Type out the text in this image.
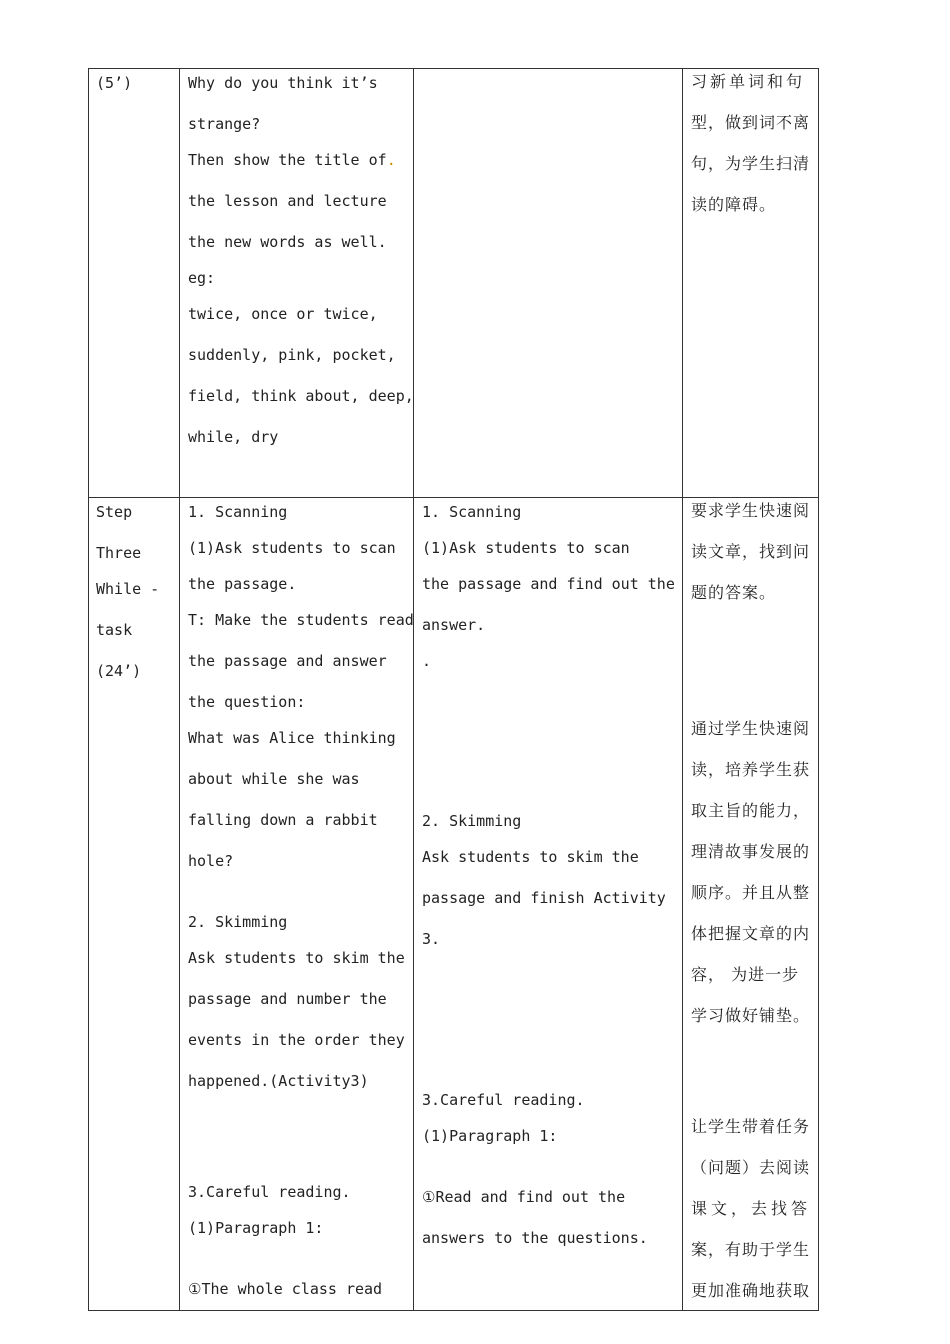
(5’)	Why do you think it’s
strange?
Then show the title of.
the lesson and lecture
the new words as well.
eg:
twice, once or twice,
suddenly, pink, pocket,
field, think about, deep,
while, dry
习新单词和句
型，做到词不离
句，为学生扫清
读的障碍。
Step
Three
While -
task
(24’)
1. Scanning
(1)Ask students to scan
the passage.
T: Make the students read
the passage and answer
the question:
What was Alice thinking
about while she was
falling down a rabbit
hole?
2. Skimming
Ask students to skim the
passage and number the
events in the order they
happened.(Activity3)
3.Careful reading.
(1)Paragraph 1:
①The whole class read
1. Scanning
(1)Ask students to scan
the passage and find out the
answer.
.
2. Skimming
Ask students to skim the
passage and finish Activity
3.
3.Careful reading.
(1)Paragraph 1:
①Read and find out the
answers to the questions.
要求学生快速阅
读文章，找到问
题的答案。
通过学生快速阅
读，培养学生获
取主旨的能力，
理清故事发展的
顺序。并且从整
体把握文章的内
容， 为进一步
学习做好铺垫。
让学生带着任务
（问题）去阅读
课文，去找答
案，有助于学生
更加准确地获取
